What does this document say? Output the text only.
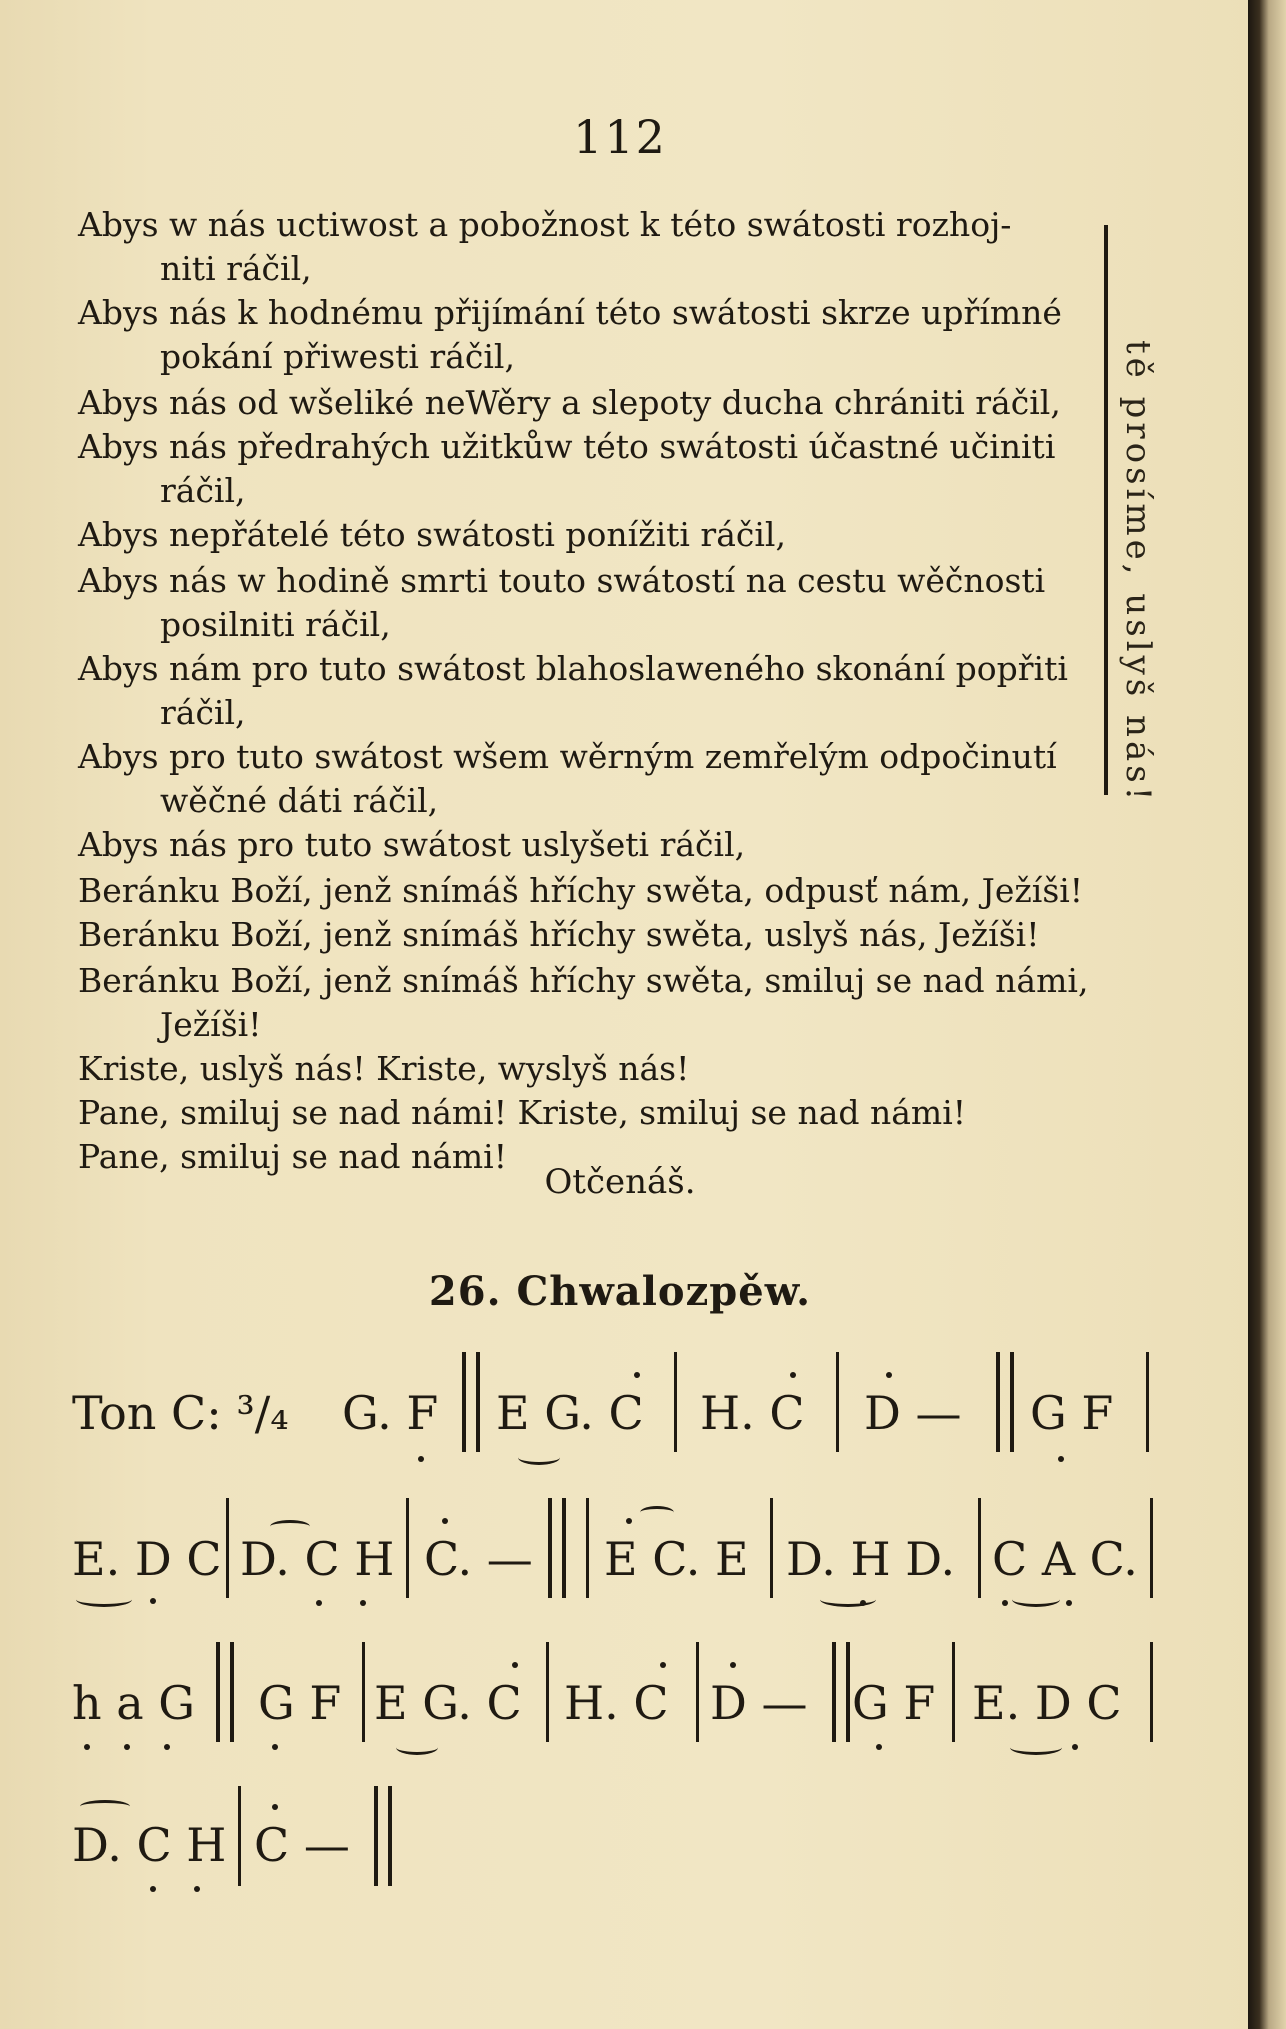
112
Abys w nás uctiwost a pobožnost k této swátosti rozhoj-
niti ráčil,
Abys nás k hodnému přijímání této swátosti skrze upřímné
pokání přiwesti ráčil,
Abys nás od wšeliké neWěry a slepoty ducha chrániti ráčil,
Abys nás předrahých užitkůw této swátosti účastné učiniti
ráčil,
Abys nepřátelé této swátosti ponížiti ráčil,
Abys nás w hodině smrti touto swátostí na cestu wěčnosti
posilniti ráčil,
Abys nám pro tuto swátost blahoslaweného skonání popřiti
ráčil,
Abys pro tuto swátost wšem wěrným zemřelým odpočinutí
wěčné dáti ráčil,
Abys nás pro tuto swátost uslyšeti ráčil,
Beránku Boží, jenž snímáš hříchy swěta, odpusť nám, Ježíši!
Beránku Boží, jenž snímáš hříchy swěta, uslyš nás, Ježíši!
Beránku Boží, jenž snímáš hříchy swěta, smiluj se nad námi,
Ježíši!
Kriste, uslyš nás! Kriste, wyslyš nás!
Pane, smiluj se nad námi! Kriste, smiluj se nad námi!
Pane, smiluj se nad námi!
tě prosíme, uslyš nás!
Otčenáš.
26. Chwalozpěw.
Ton C: ³/₄ G. F E G. C H. C D — G F
E. D C D. C H C. — E C. E D. H D. C A C.
h a G G F E G. C H. C D — G F E. D C
D. C H C —
